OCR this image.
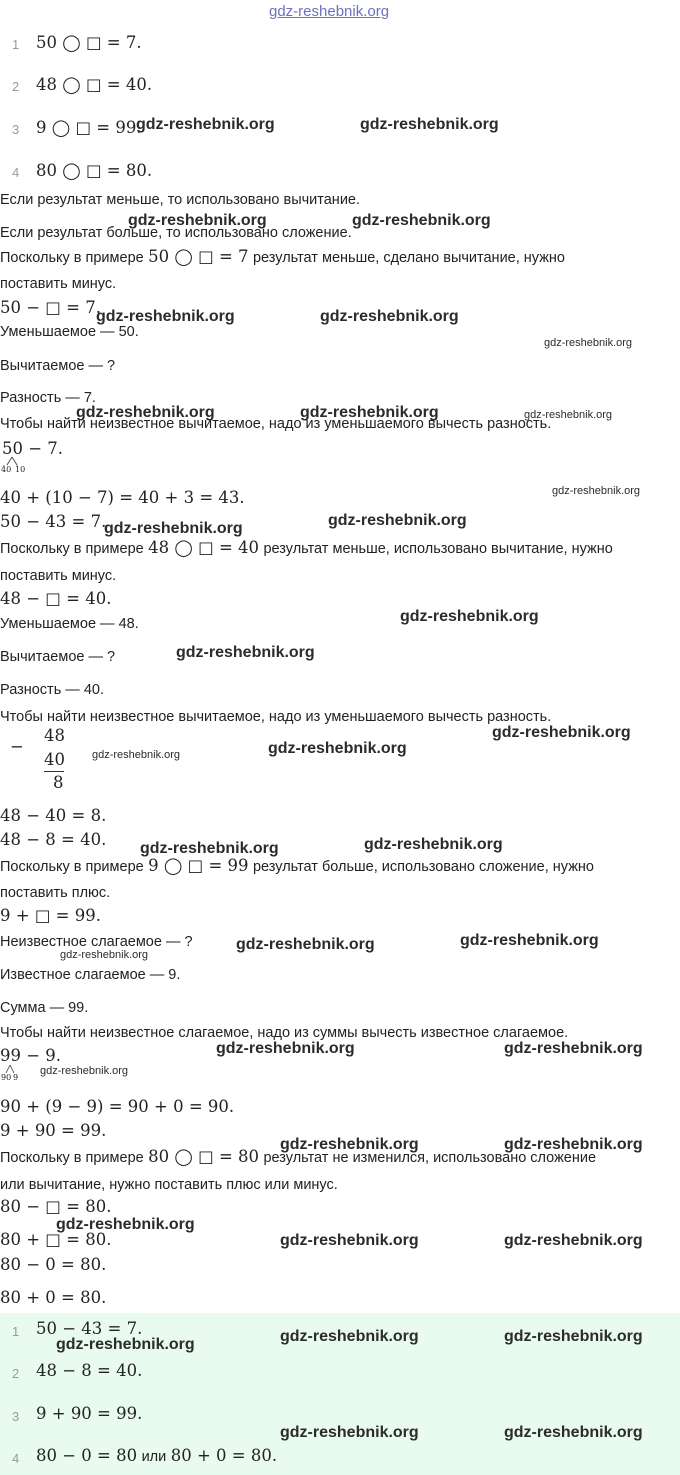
gdz-reshebnik.org
1 50 ◯ □ = 7.
2 48 ◯ □ = 40.
3 9 ◯ □ = 99.
4 80 ◯ □ = 80.
Если результат меньше, то использовано вычитание.
Если результат больше, то использовано сложение.
Поскольку в примере 50 ◯ □ = 7 результат меньше, сделано вычитание, нужно
поставить минус.
50 − □ = 7.
Уменьшаемое — 50.
Вычитаемое — ?
Разность — 7.
Чтобы найти неизвестное вычитаемое, надо из уменьшаемого вычесть разность.
50 − 7.
40 10
40 + (10 − 7) = 40 + 3 = 43.
50 − 43 = 7.
Поскольку в примере 48 ◯ □ = 40 результат меньше, использовано вычитание, нужно
поставить минус.
48 − □ = 40.
Уменьшаемое — 48.
Вычитаемое — ?
Разность — 40.
Чтобы найти неизвестное вычитаемое, надо из уменьшаемого вычесть разность.
−
48
40
8
48 − 40 = 8.
48 − 8 = 40.
Поскольку в примере 9 ◯ □ = 99 результат больше, использовано сложение, нужно
поставить плюс.
9 + □ = 99.
Неизвестное слагаемое — ?
Известное слагаемое — 9.
Сумма — 99.
Чтобы найти неизвестное слагаемое, надо из суммы вычесть известное слагаемое.
99 − 9.
90 9
90 + (9 − 9) = 90 + 0 = 90.
9 + 90 = 99.
Поскольку в примере 80 ◯ □ = 80 результат не изменился, использовано сложение
или вычитание, нужно поставить плюс или минус.
80 − □ = 80.
80 + □ = 80.
80 − 0 = 80.
80 + 0 = 80.
1 50 − 43 = 7.
2 48 − 8 = 40.
3 9 + 90 = 99.
4 80 − 0 = 80 или 80 + 0 = 80.
gdz-reshebnik.org	gdz-reshebnik.org
gdz-reshebnik.org	gdz-reshebnik.org
gdz-reshebnik.org	gdz-reshebnik.org
gdz-reshebnik.org
gdz-reshebnik.org	gdz-reshebnik.org	gdz-reshebnik.org
gdz-reshebnik.org
gdz-reshebnik.org	gdz-reshebnik.org
gdz-reshebnik.org
gdz-reshebnik.org
gdz-reshebnik.org
gdz-reshebnik.org	gdz-reshebnik.org
gdz-reshebnik.org	gdz-reshebnik.org
gdz-reshebnik.org	gdz-reshebnik.org
gdz-reshebnik.org
gdz-reshebnik.org	gdz-reshebnik.org
gdz-reshebnik.org
gdz-reshebnik.org	gdz-reshebnik.org
gdz-reshebnik.org
gdz-reshebnik.org	gdz-reshebnik.org
gdz-reshebnik.org	gdz-reshebnik.org
gdz-reshebnik.org
gdz-reshebnik.org	gdz-reshebnik.org
